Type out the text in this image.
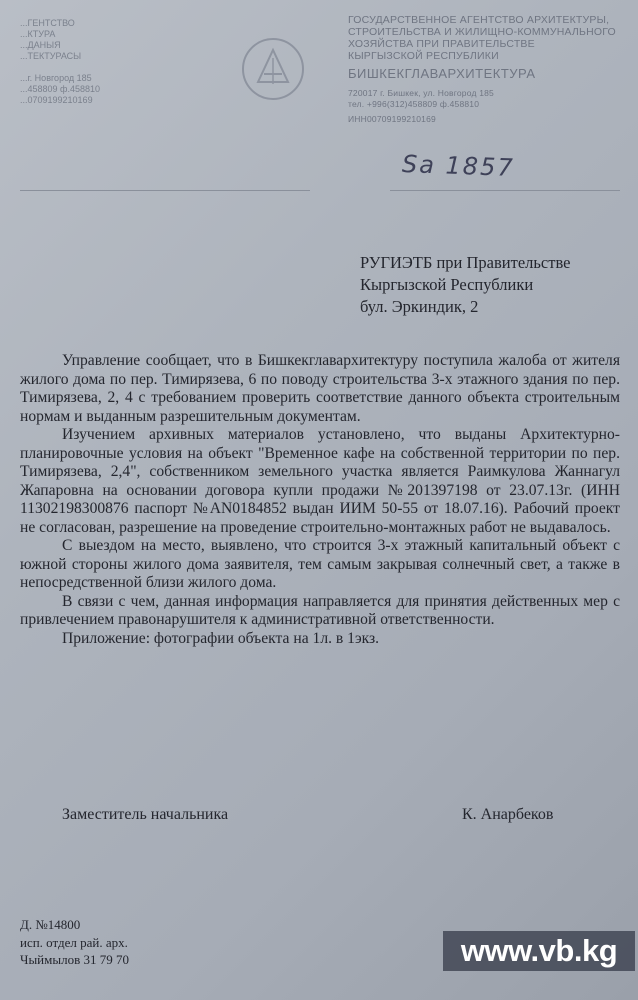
...ГЕНТСТВО
...КТУРА
...ДАНЫЯ
...ТЕКТУРАСЫ
...г. Новгород 185
...458809 ф.458810
...0709199210169
ГОСУДАРСТВЕННОЕ АГЕНТСТВО АРХИТЕКТУРЫ,
СТРОИТЕЛЬСТВА И ЖИЛИЩНО-КОММУНАЛЬНОГО
ХОЗЯЙСТВА ПРИ ПРАВИТЕЛЬСТВЕ
КЫРГЫЗСКОЙ РЕСПУБЛИКИ
БИШКЕКГЛАВАРХИТЕКТУРА
720017 г. Бишкек, ул. Новгород 185
тел. +996(312)458809 ф.458810
ИНН00709199210169
Ѕа 1857
РУГИЭТБ при Правительстве
Кыргызской Республики
бул. Эркиндик, 2

Управление сообщает, что в Бишкекглавархитектуру поступила жалоба от жителя жилого дома по пер. Тимирязева, 6 по поводу строительства 3-х этажного здания по пер. Тимирязева, 2, 4 с требованием проверить соответствие данного объекта строительным нормам и выданным разрешительным документам.

Изучением архивных материалов установлено, что выданы Архитектурно-планировочные условия на объект "Временное кафе на собственной территории по пер. Тимирязева, 2,4", собственником земельного участка является Раимкулова Жаннагул Жапаровна на основании договора купли продажи №201397198 от 23.07.13г. (ИНН 11302198300876 паспорт №AN0184852 выдан ИИМ 50-55 от 18.07.16). Рабочий проект не согласован, разрешение на проведение строительно-монтажных работ не выдавалось.

С выездом на место, выявлено, что строится 3-х этажный капитальный объект с южной стороны жилого дома заявителя, тем самым закрывая солнечный свет, а также в непосредственной близи жилого дома.

В связи с чем, данная информация направляется для принятия действенных мер с привлечением правонарушителя к административной ответственности.

Приложение: фотографии объекта на 1л. в 1экз.

Заместитель начальника	К. Анарбеков
Д. №14800
исп. отдел рай. арх.
Чыймылов 31 79 70	www.vb.kg
